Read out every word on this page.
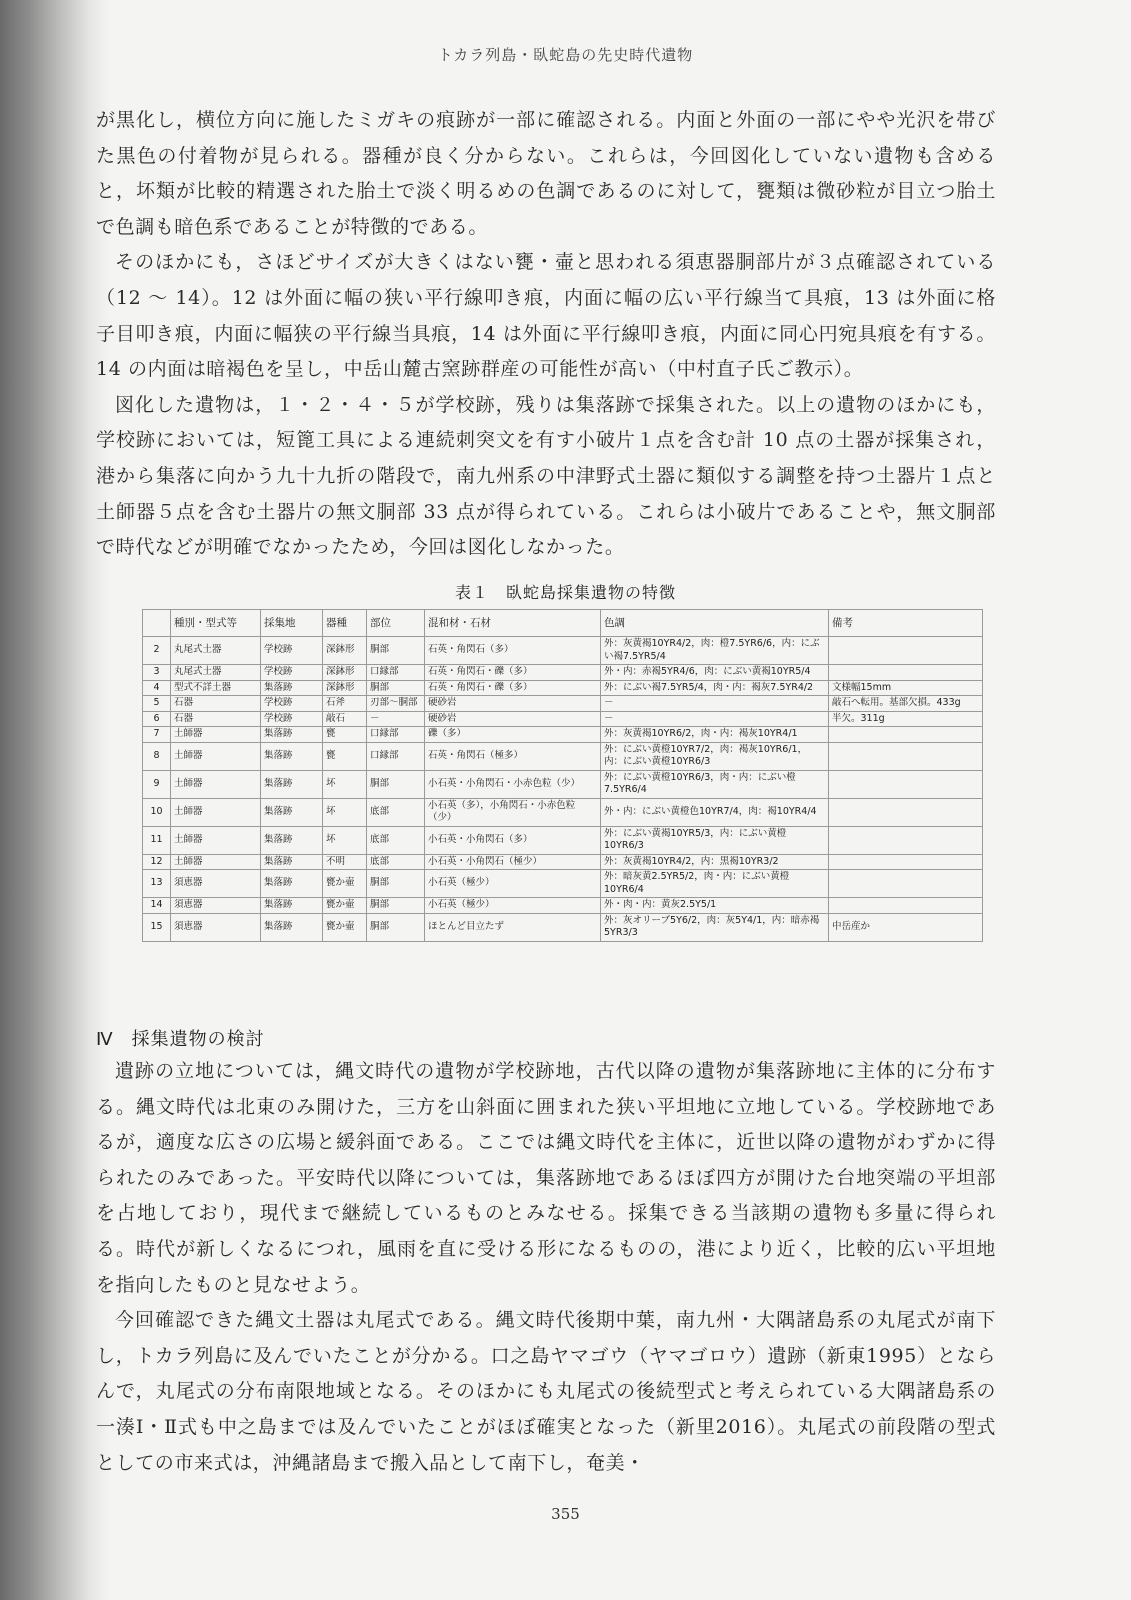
トカラ列島・臥蛇島の先史時代遺物

が黒化し，横位方向に施したミガキの痕跡が一部に確認される。内面と外面の一部にやや光沢を帯びた黒色の付着物が見られる。器種が良く分からない。これらは，今回図化していない遺物も含めると，坏類が比較的精選された胎土で淡く明るめの色調であるのに対して，甕類は微砂粒が目立つ胎土で色調も暗色系であることが特徴的である。

そのほかにも，さほどサイズが大きくはない甕・壷と思われる須恵器胴部片が３点確認されている（12 ～ 14）。12 は外面に幅の狭い平行線叩き痕，内面に幅の広い平行線当て具痕，13 は外面に格子目叩き痕，内面に幅狭の平行線当具痕，14 は外面に平行線叩き痕，内面に同心円宛具痕を有する。14 の内面は暗褐色を呈し，中岳山麓古窯跡群産の可能性が高い（中村直子氏ご教示）。

図化した遺物は，１・２・４・５が学校跡，残りは集落跡で採集された。以上の遺物のほかにも，学校跡においては，短篦工具による連続刺突文を有す小破片１点を含む計 10 点の土器が採集され，港から集落に向かう九十九折の階段で，南九州系の中津野式土器に類似する調整を持つ土器片１点と土師器５点を含む土器片の無文胴部 33 点が得られている。これらは小破片であることや，無文胴部で時代などが明確でなかったため，今回は図化しなかった。

表１　臥蛇島採集遺物の特徴
	種別・型式等	採集地	器種	部位	混和材・石材	色調	備考
2	丸尾式土器	学校跡	深鉢形	胴部	石英・角閃石（多）	外：灰黄褐10YR4/2，肉：橙7.5YR6/6，内：にぶい褐7.5YR5/4	
3	丸尾式土器	学校跡	深鉢形	口縁部	石英・角閃石・礫（多）	外・内：赤褐5YR4/6，肉：にぶい黄褐10YR5/4	
4	型式不詳土器	集落跡	深鉢形	胴部	石英・角閃石・礫（多）	外：にぶい褐7.5YR5/4，肉・内：褐灰7.5YR4/2	文様幅15mm
5	石器	学校跡	石斧	刃部～胴部	硬砂岩	－	敲石へ転用。基部欠損。433g
6	石器	学校跡	敲石	－	硬砂岩	－	半欠。311g
7	土師器	集落跡	甕	口縁部	礫（多）	外：灰黄褐10YR6/2，肉・内：褐灰10YR4/1	
8	土師器	集落跡	甕	口縁部	石英・角閃石（極多）	外：にぶい黄橙10YR7/2，肉：褐灰10YR6/1，内：にぶい黄橙10YR6/3	
9	土師器	集落跡	坏	胴部	小石英・小角閃石・小赤色粒（少）	外：にぶい黄橙10YR6/3，肉・内：にぶい橙7.5YR6/4	
10	土師器	集落跡	坏	底部	小石英（多），小角閃石・小赤色粒（少）	外・内：にぶい黄橙色10YR7/4，肉：褐10YR4/4	
11	土師器	集落跡	坏	底部	小石英・小角閃石（多）	外：にぶい黄褐10YR5/3，内：にぶい黄橙10YR6/3	
12	土師器	集落跡	不明	底部	小石英・小角閃石（極少）	外：灰黄褐10YR4/2，内：黒褐10YR3/2	
13	須恵器	集落跡	甕か壷	胴部	小石英（極少）	外：暗灰黄2.5YR5/2，肉・内：にぶい黄橙10YR6/4	
14	須恵器	集落跡	甕か壷	胴部	小石英（極少）	外・肉・内：黄灰2.5Y5/1	
15	須恵器	集落跡	甕か壷	胴部	ほとんど目立たず	外：灰オリーブ5Y6/2，肉：灰5Y4/1，内：暗赤褐5YR3/3	中岳産か
Ⅳ 採集遺物の検討

遺跡の立地については，縄文時代の遺物が学校跡地，古代以降の遺物が集落跡地に主体的に分布する。縄文時代は北東のみ開けた，三方を山斜面に囲まれた狭い平坦地に立地している。学校跡地であるが，適度な広さの広場と緩斜面である。ここでは縄文時代を主体に，近世以降の遺物がわずかに得られたのみであった。平安時代以降については，集落跡地であるほぼ四方が開けた台地突端の平坦部を占地しており，現代まで継続しているものとみなせる。採集できる当該期の遺物も多量に得られる。時代が新しくなるにつれ，風雨を直に受ける形になるものの，港により近く，比較的広い平坦地を指向したものと見なせよう。

今回確認できた縄文土器は丸尾式である。縄文時代後期中葉，南九州・大隅諸島系の丸尾式が南下し，トカラ列島に及んでいたことが分かる。口之島ヤマゴウ（ヤマゴロウ）遺跡（新東1995）とならんで，丸尾式の分布南限地域となる。そのほかにも丸尾式の後続型式と考えられている大隅諸島系の一湊Ⅰ・Ⅱ式も中之島までは及んでいたことがほぼ確実となった（新里2016）。丸尾式の前段階の型式としての市来式は，沖縄諸島まで搬入品として南下し，奄美・

355
